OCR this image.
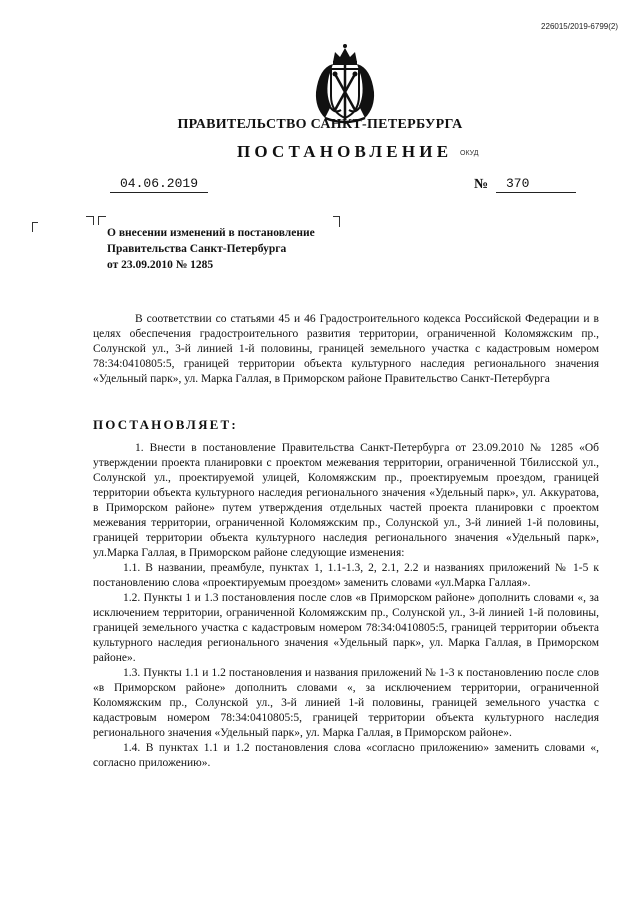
226015/2019-6799(2)
ПРАВИТЕЛЬСТВО САНКТ-ПЕТЕРБУРГА
ПОСТАНОВЛЕНИЕ ОКУД
04.06.2019	№	370
О внесении изменений в постановление
Правительства Санкт-Петербурга
от 23.09.2010 № 1285
В соответствии со статьями 45 и 46 Градостроительного кодекса Российской Федерации и в целях обеспечения градостроительного развития территории, ограниченной Коломяжским пр., Солунской ул., 3-й линией 1-й половины, границей земельного участка с кадастровым номером 78:34:0410805:5, границей территории объекта культурного наследия регионального значения «Удельный парк», ул. Марка Галлая, в Приморском районе Правительство Санкт-Петербурга
ПОСТАНОВЛЯЕТ:

1. Внести в постановление Правительства Санкт-Петербурга от 23.09.2010 № 1285 «Об утверждении проекта планировки с проектом межевания территории, ограниченной Тбилисской ул., Солунской ул., проектируемой улицей, Коломяжским пр., проектируемым проездом, границей территории объекта культурного наследия регионального значения «Удельный парк», ул. Аккуратова, в Приморском районе» путем утверждения отдельных частей проекта планировки с проектом межевания территории, ограниченной Коломяжским пр., Солунской ул., 3-й линией 1-й половины, границей территории объекта культурного наследия регионального значения «Удельный парк», ул.Марка Галлая, в Приморском районе следующие изменения:

1.1. В названии, преамбуле, пунктах 1, 1.1-1.3, 2, 2.1, 2.2 и названиях приложений № 1-5 к постановлению слова «проектируемым проездом» заменить словами «ул.Марка Галлая».

1.2. Пункты 1 и 1.3 постановления после слов «в Приморском районе» дополнить словами «, за исключением территории, ограниченной Коломяжским пр., Солунской ул., 3-й линией 1-й половины, границей земельного участка с кадастровым номером 78:34:0410805:5, границей территории объекта культурного наследия регионального значения «Удельный парк», ул. Марка Галлая, в Приморском районе».

1.3. Пункты 1.1 и 1.2 постановления и названия приложений № 1-3 к постановлению после слов «в Приморском районе» дополнить словами «, за исключением территории, ограниченной Коломяжским пр., Солунской ул., 3-й линией 1-й половины, границей земельного участка с кадастровым номером 78:34:0410805:5, границей территории объекта культурного наследия регионального значения «Удельный парк», ул. Марка Галлая, в Приморском районе».

1.4. В пунктах 1.1 и 1.2 постановления слова «согласно приложению» заменить словами «, согласно приложению».
